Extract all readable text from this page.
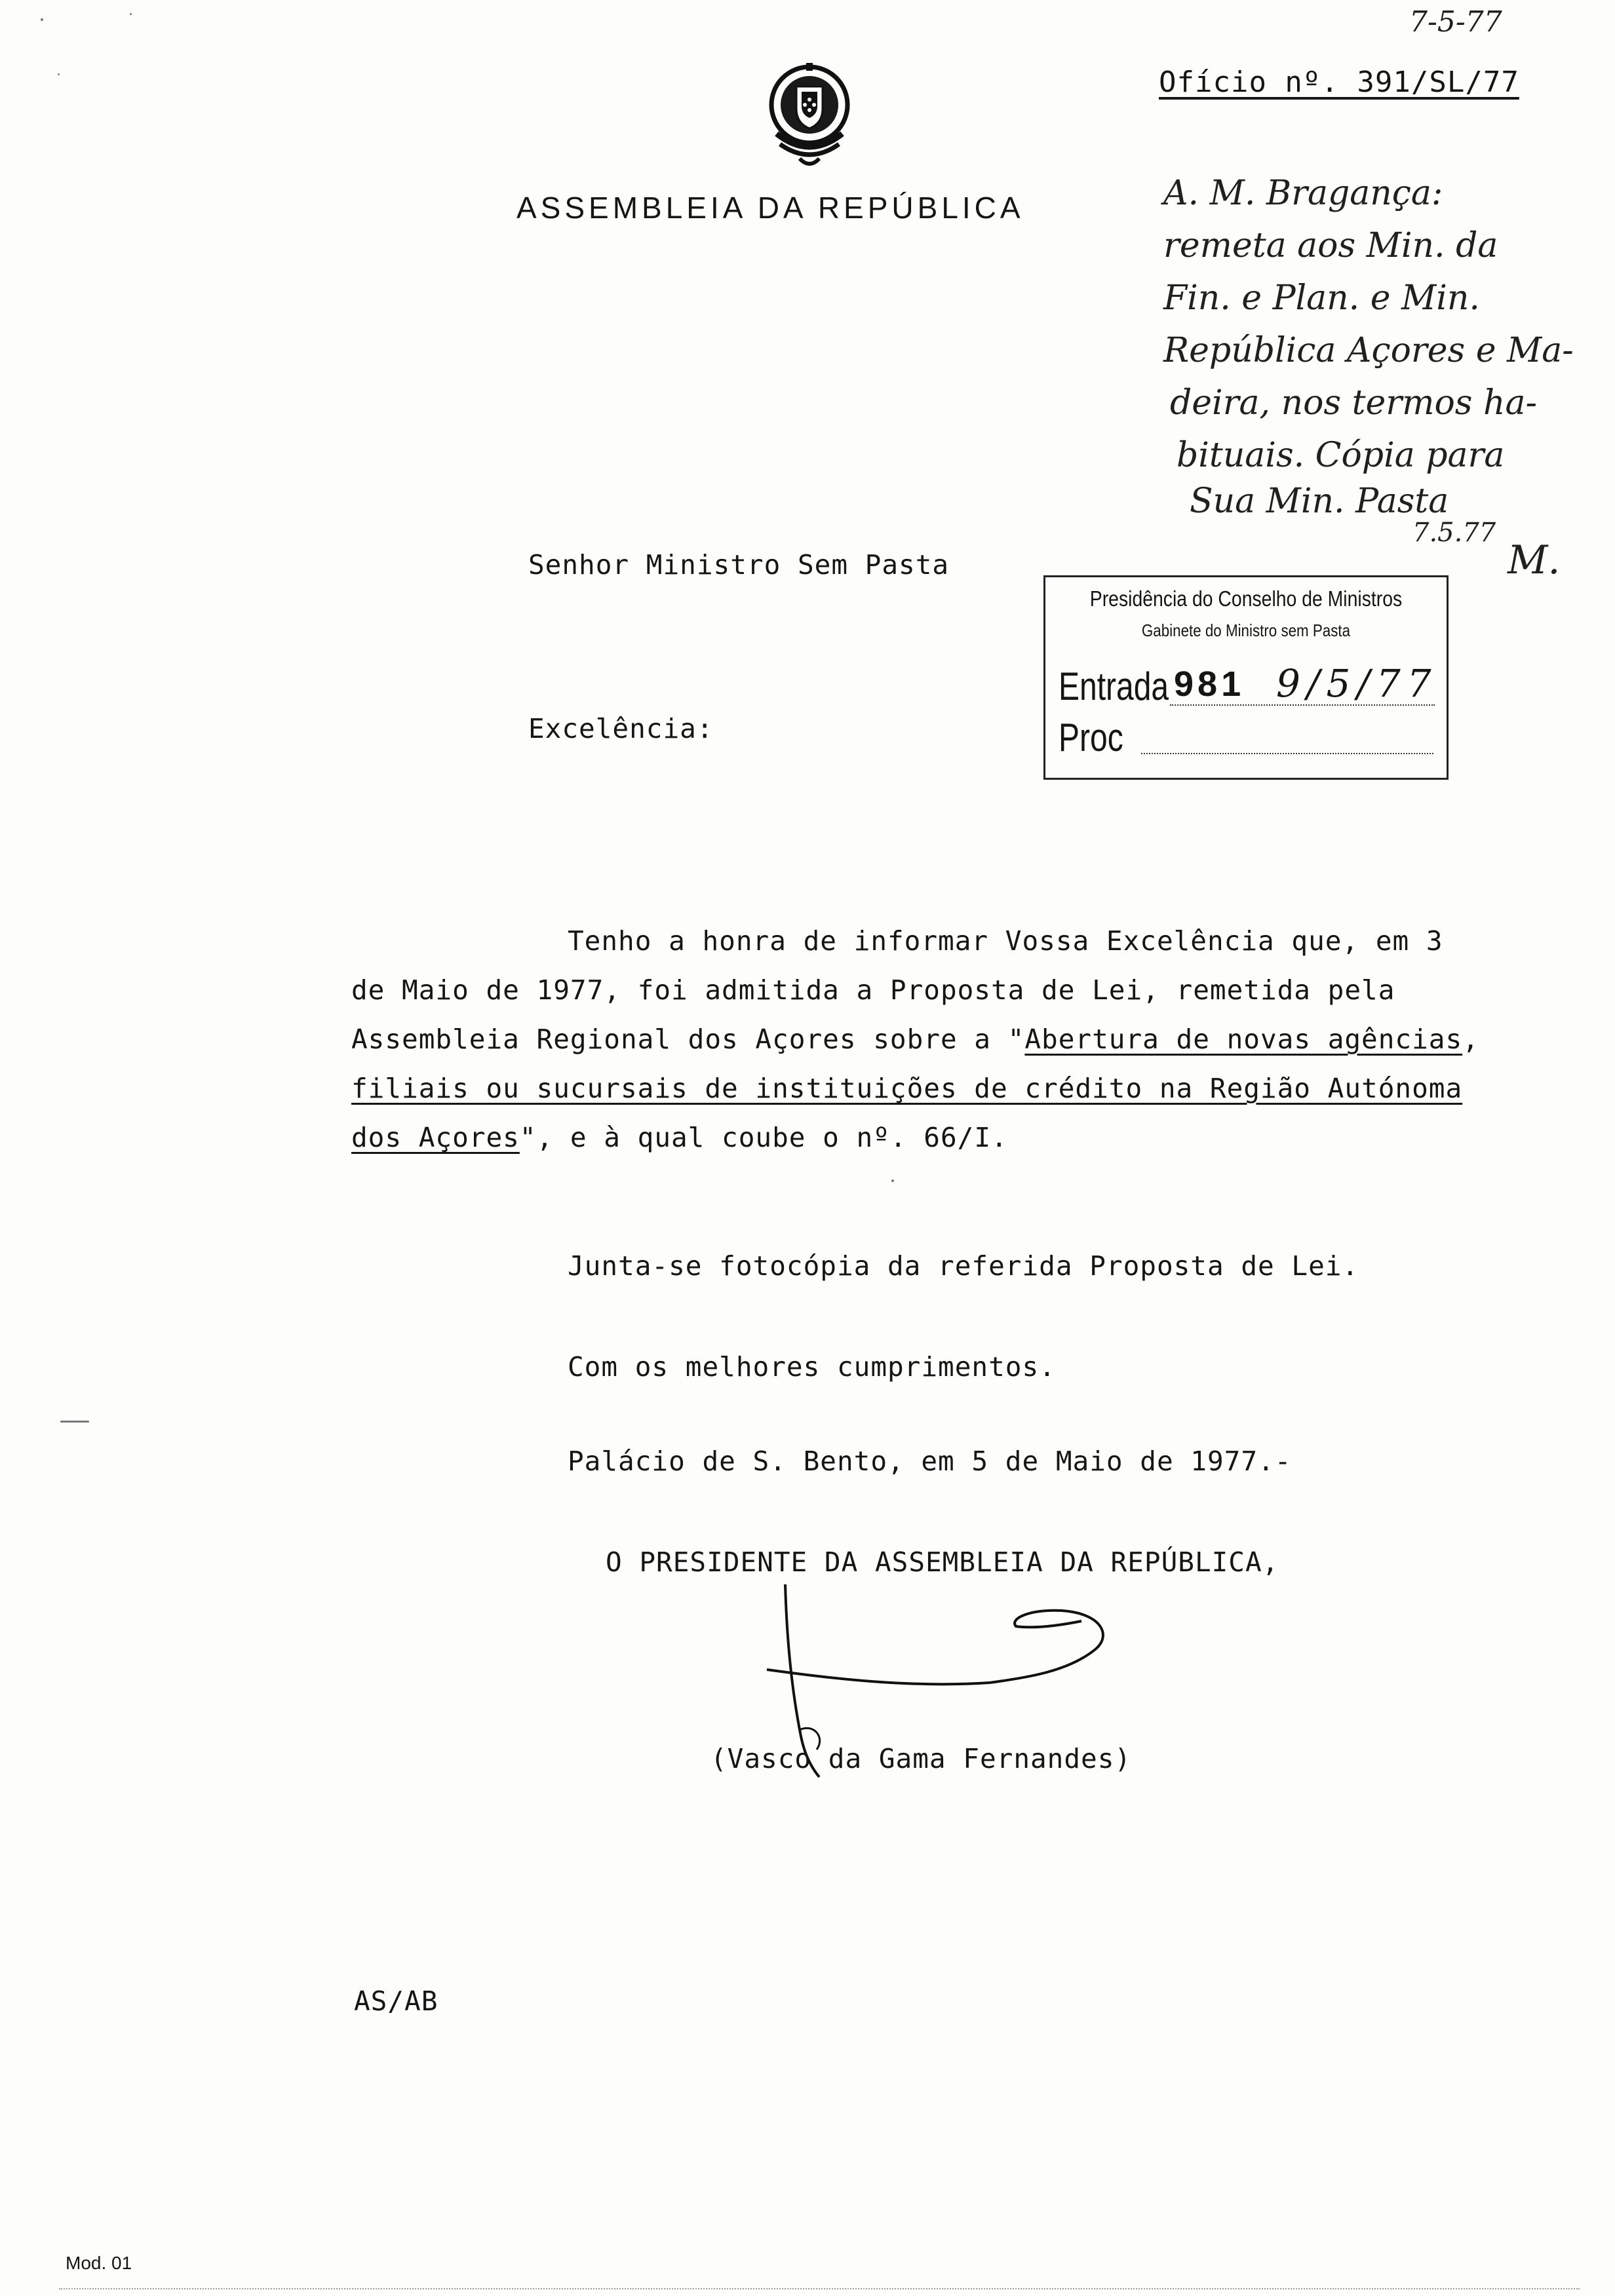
ASSEMBLEIA DA REPÚBLICA
Ofício nº. 391/SL/77
7-5-77
A. M. Bragança:
remeta aos Min. da
Fin. e Plan. e Min.
República Açores e Ma-
deira, nos termos ha-
bituais. Cópia para
Sua Min. Pasta
7.5.77
M.
Senhor Ministro Sem Pasta
Excelência:
Presidência do Conselho de Ministros
Gabinete do Ministro sem Pasta
Entrada 981 9/5/77
Proc
Tenho a honra de informar Vossa Excelência que, em 3
de Maio de 1977, foi admitida a Proposta de Lei, remetida pela
Assembleia Regional dos Açores sobre a "Abertura de novas agências,
filiais ou sucursais de instituições de crédito na Região Autónoma
dos Açores", e à qual coube o nº. 66/I.
Junta-se fotocópia da referida Proposta de Lei.
Com os melhores cumprimentos.
Palácio de S. Bento, em 5 de Maio de 1977.-
O PRESIDENTE DA ASSEMBLEIA DA REPÚBLICA,
(Vasco da Gama Fernandes)
AS/AB
Mod. 01
